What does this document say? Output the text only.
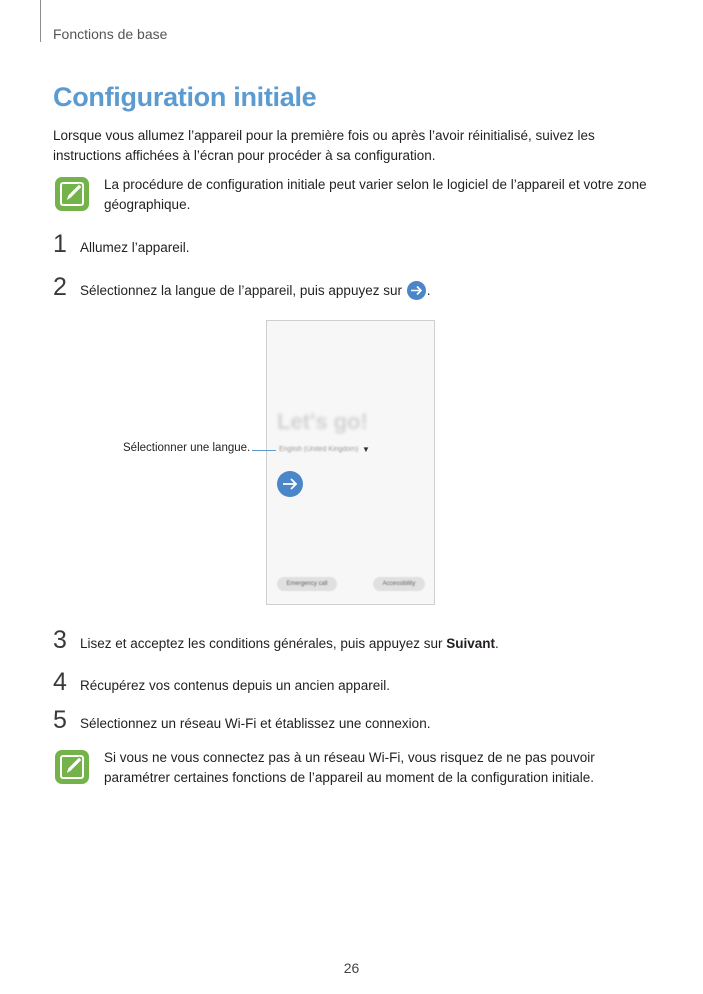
Fonctions de base
Configuration initiale
Lorsque vous allumez l’appareil pour la première fois ou après l’avoir réinitialisé, suivez les instructions affichées à l’écran pour procéder à sa configuration.
La procédure de configuration initiale peut varier selon le logiciel de l’appareil et votre zone géographique.
1 Allumez l’appareil.
2 Sélectionnez la langue de l’appareil, puis appuyez sur .
Let's go!
English (United Kingdom) ▼
Emergency call	Accessibility
Sélectionner une langue.
3 Lisez et acceptez les conditions générales, puis appuyez sur Suivant.
4 Récupérez vos contenus depuis un ancien appareil.
5 Sélectionnez un réseau Wi-Fi et établissez une connexion.
Si vous ne vous connectez pas à un réseau Wi-Fi, vous risquez de ne pas pouvoir paramétrer certaines fonctions de l’appareil au moment de la configuration initiale.
26
